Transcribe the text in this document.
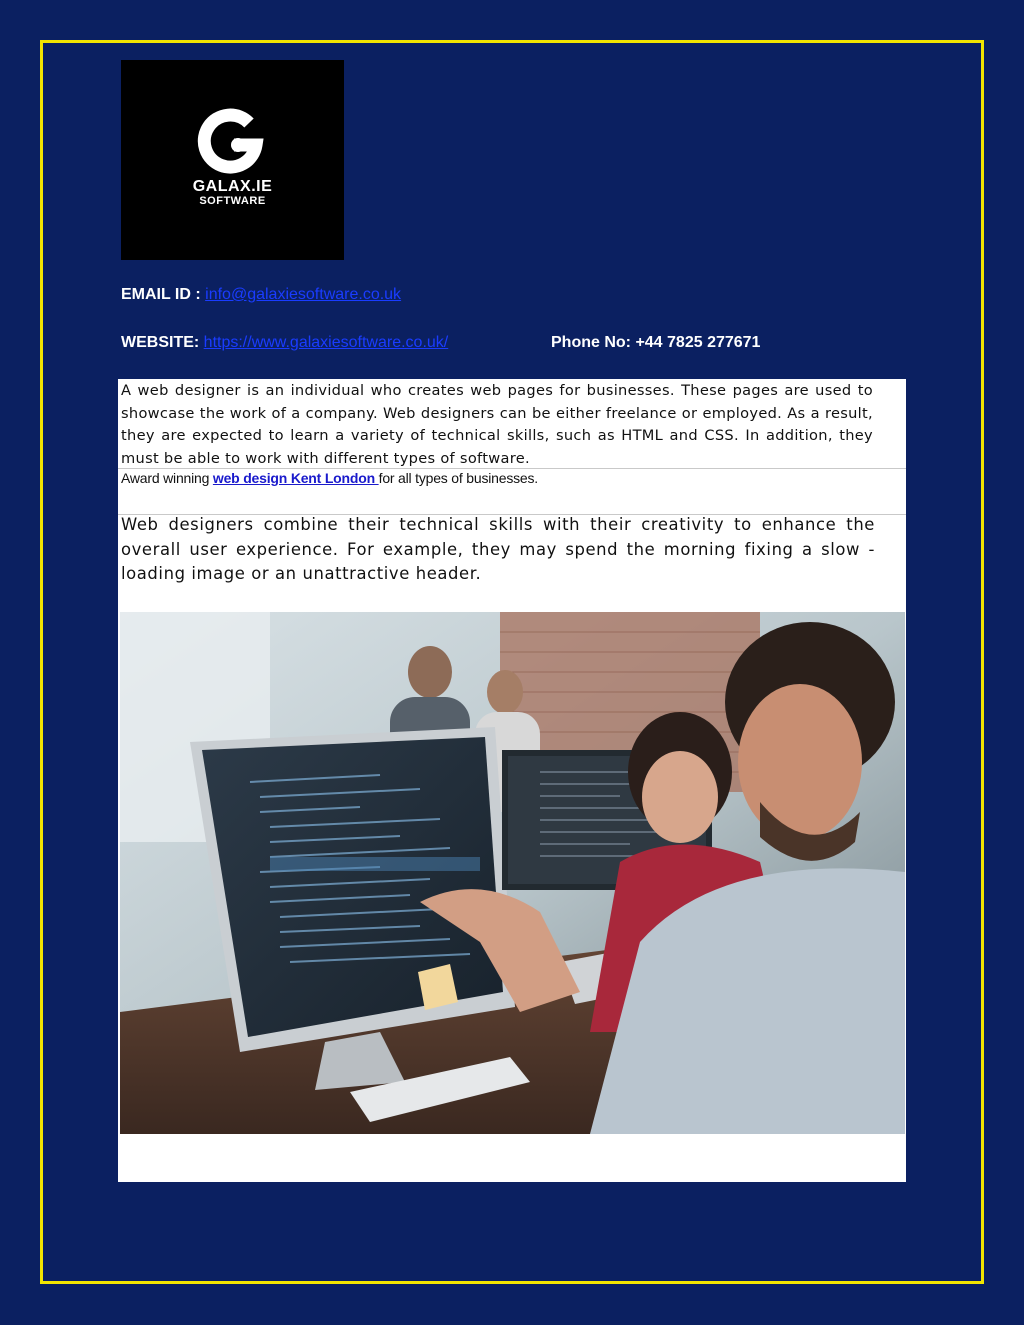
GALAX.IE
SOFTWARE
EMAIL ID : info@galaxiesoftware.co.uk
WEBSITE: https://www.galaxiesoftware.co.uk/	Phone No: +44 7825 277671
A web designer is an individual who creates web pages for businesses. These pages are used to showcase the work of a company. Web designers can be either freelance or employed. As a result, they are expected to learn a variety of technical skills, such as HTML and CSS. In addition, they must be able to work with different types of software.
Award winning web design Kent London for all types of businesses.
Web designers combine their technical skills with their creativity to enhance the overall user experience. For example, they may spend the morning fixing a slow - loading image or an unattractive header.
